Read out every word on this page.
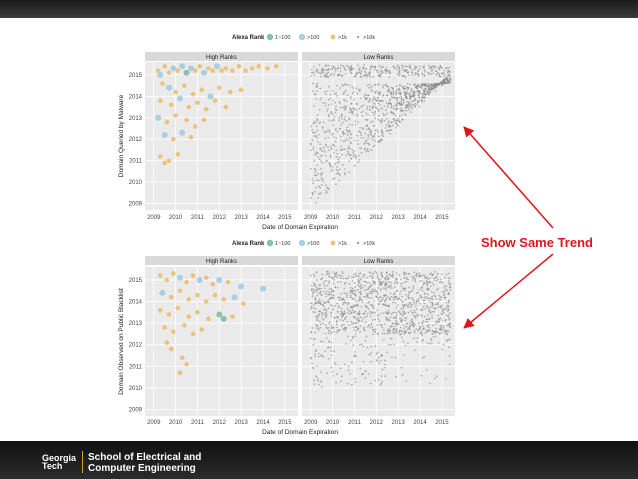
Alexa Rank 1~100	>100	>1k	>10k
High Ranks
2009 2010 2011 2012 2013 2014 2015
2009
2010
2011
2012
2013
2014
2015
Low Ranks
2009 2010 2011 2012 2013 2014 2015
Date of Domain Expiration
Domain Queried by Malware
Alexa Rank 1~100	>100	>1k	>10k
High Ranks
2009 2010 2011 2012 2013 2014 2015
2009
2010
2011
2012
2013
2014
2015
Low Ranks
2009 2010 2011 2012 2013 2014 2015
Date of Domain Expiration
Domain Observed on Public Blacklist
Show Same Trend
Georgia
Tech
School of Electrical and
Computer Engineering
